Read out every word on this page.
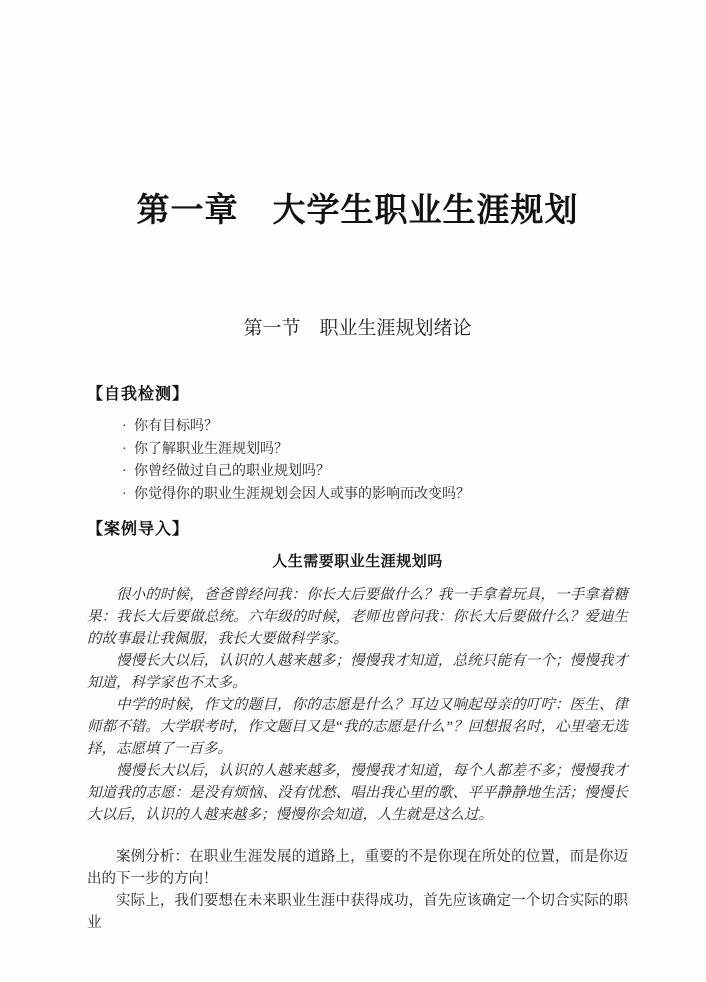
第一章　大学生职业生涯规划
第一节　职业生涯规划绪论
【自我检测】
· 你有目标吗？
· 你了解职业生涯规划吗？
· 你曾经做过自己的职业规划吗？
· 你觉得你的职业生涯规划会因人或事的影响而改变吗？
【案例导入】
人生需要职业生涯规划吗

很小的时候，爸爸曾经问我：你长大后要做什么？我一手拿着玩具，一手拿着糖果：我长大后要做总统。六年级的时候，老师也曾问我：你长大后要做什么？爱迪生的故事最让我佩服，我长大要做科学家。

慢慢长大以后，认识的人越来越多；慢慢我才知道，总统只能有一个；慢慢我才知道，科学家也不太多。

中学的时候，作文的题目，你的志愿是什么？耳边又响起母亲的叮咛：医生、律师都不错。大学联考时，作文题目又是“我的志愿是什么”？回想报名时，心里毫无选择，志愿填了一百多。

慢慢长大以后，认识的人越来越多，慢慢我才知道，每个人都差不多；慢慢我才知道我的志愿：是没有烦恼、没有忧愁、唱出我心里的歌、平平静静地生活；慢慢长大以后，认识的人越来越多；慢慢你会知道，人生就是这么过。

案例分析：在职业生涯发展的道路上，重要的不是你现在所处的位置，而是你迈出的下一步的方向！

实际上，我们要想在未来职业生涯中获得成功，首先应该确定一个切合实际的职业
